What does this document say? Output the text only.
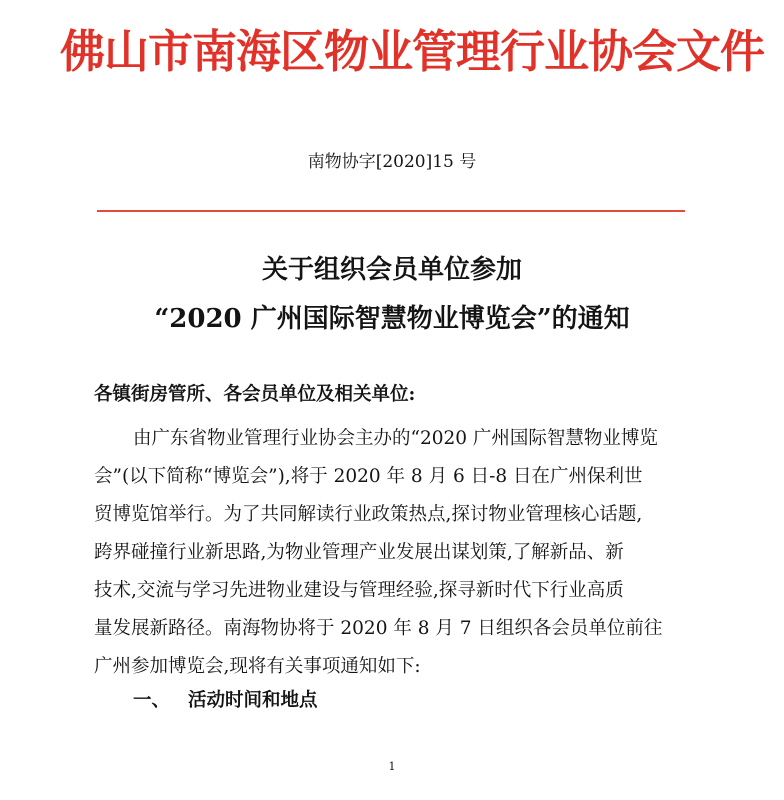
佛山市南海区物业管理行业协会文件
南物协字[2020]15 号
关于组织会员单位参加
“2020 广州国际智慧物业博览会”的通知
各镇街房管所、各会员单位及相关单位:
由广东省物业管理行业协会主办的“2020 广州国际智慧物业博览
会”(以下简称“博览会”),将于 2020 年 8 月 6 日-8 日在广州保利世
贸博览馆举行。为了共同解读行业政策热点,探讨物业管理核心话题,
跨界碰撞行业新思路,为物业管理产业发展出谋划策,了解新品、新
技术,交流与学习先进物业建设与管理经验,探寻新时代下行业高质
量发展新路径。南海物协将于 2020 年 8 月 7 日组织各会员单位前往
广州参加博览会,现将有关事项通知如下:
一、 活动时间和地点
1
